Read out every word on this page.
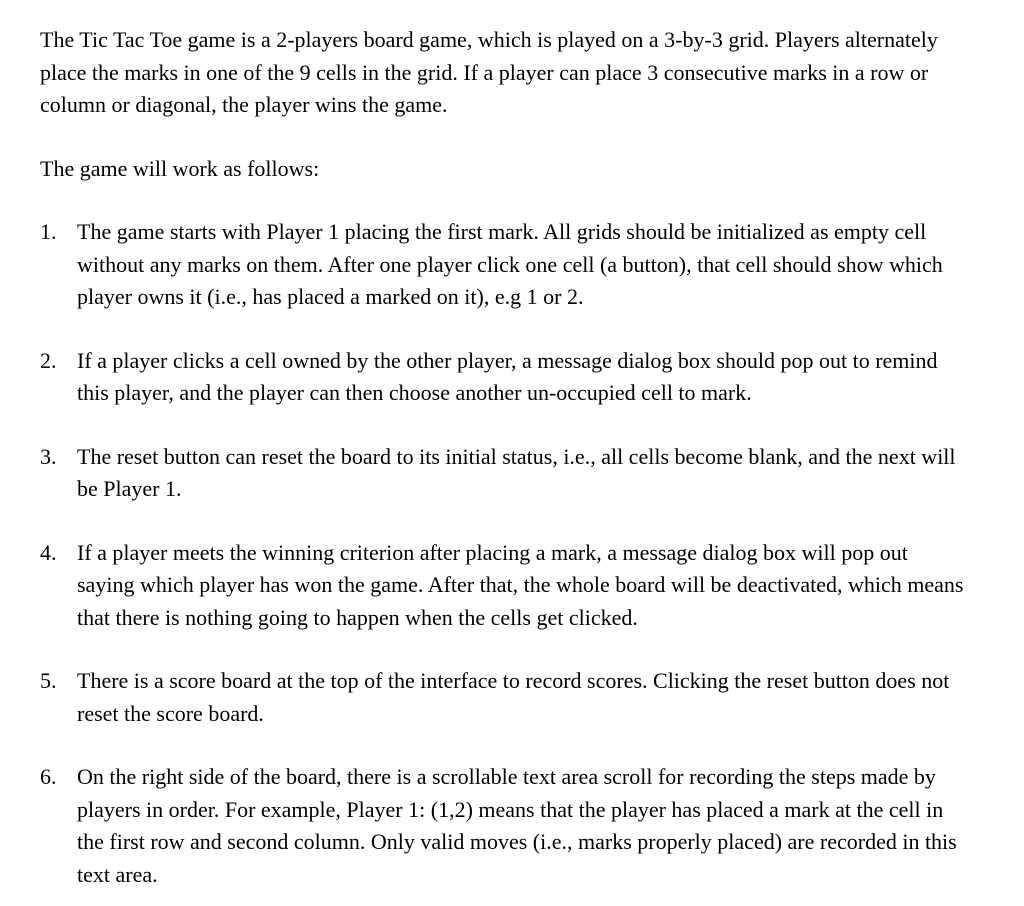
The Tic Tac Toe game is a 2-players board game, which is played on a 3-by-3 grid. Players alternately place the marks in one of the 9 cells in the grid. If a player can place 3 consecutive marks in a row or column or diagonal, the player wins the game.

The game will work as follows:

1. The game starts with Player 1 placing the first mark. All grids should be initialized as empty cell without any marks on them. After one player click one cell (a button), that cell should show which player owns it (i.e., has placed a marked on it), e.g 1 or 2.
2. If a player clicks a cell owned by the other player, a message dialog box should pop out to remind this player, and the player can then choose another un-occupied cell to mark.
3. The reset button can reset the board to its initial status, i.e., all cells become blank, and the next will be Player 1.
4. If a player meets the winning criterion after placing a mark, a message dialog box will pop out saying which player has won the game. After that, the whole board will be deactivated, which means that there is nothing going to happen when the cells get clicked.
5. There is a score board at the top of the interface to record scores. Clicking the reset button does not reset the score board.
6. On the right side of the board, there is a scrollable text area scroll for recording the steps made by players in order. For example, Player 1: (1,2) means that the player has placed a mark at the cell in the first row and second column. Only valid moves (i.e., marks properly placed) are recorded in this text area.
